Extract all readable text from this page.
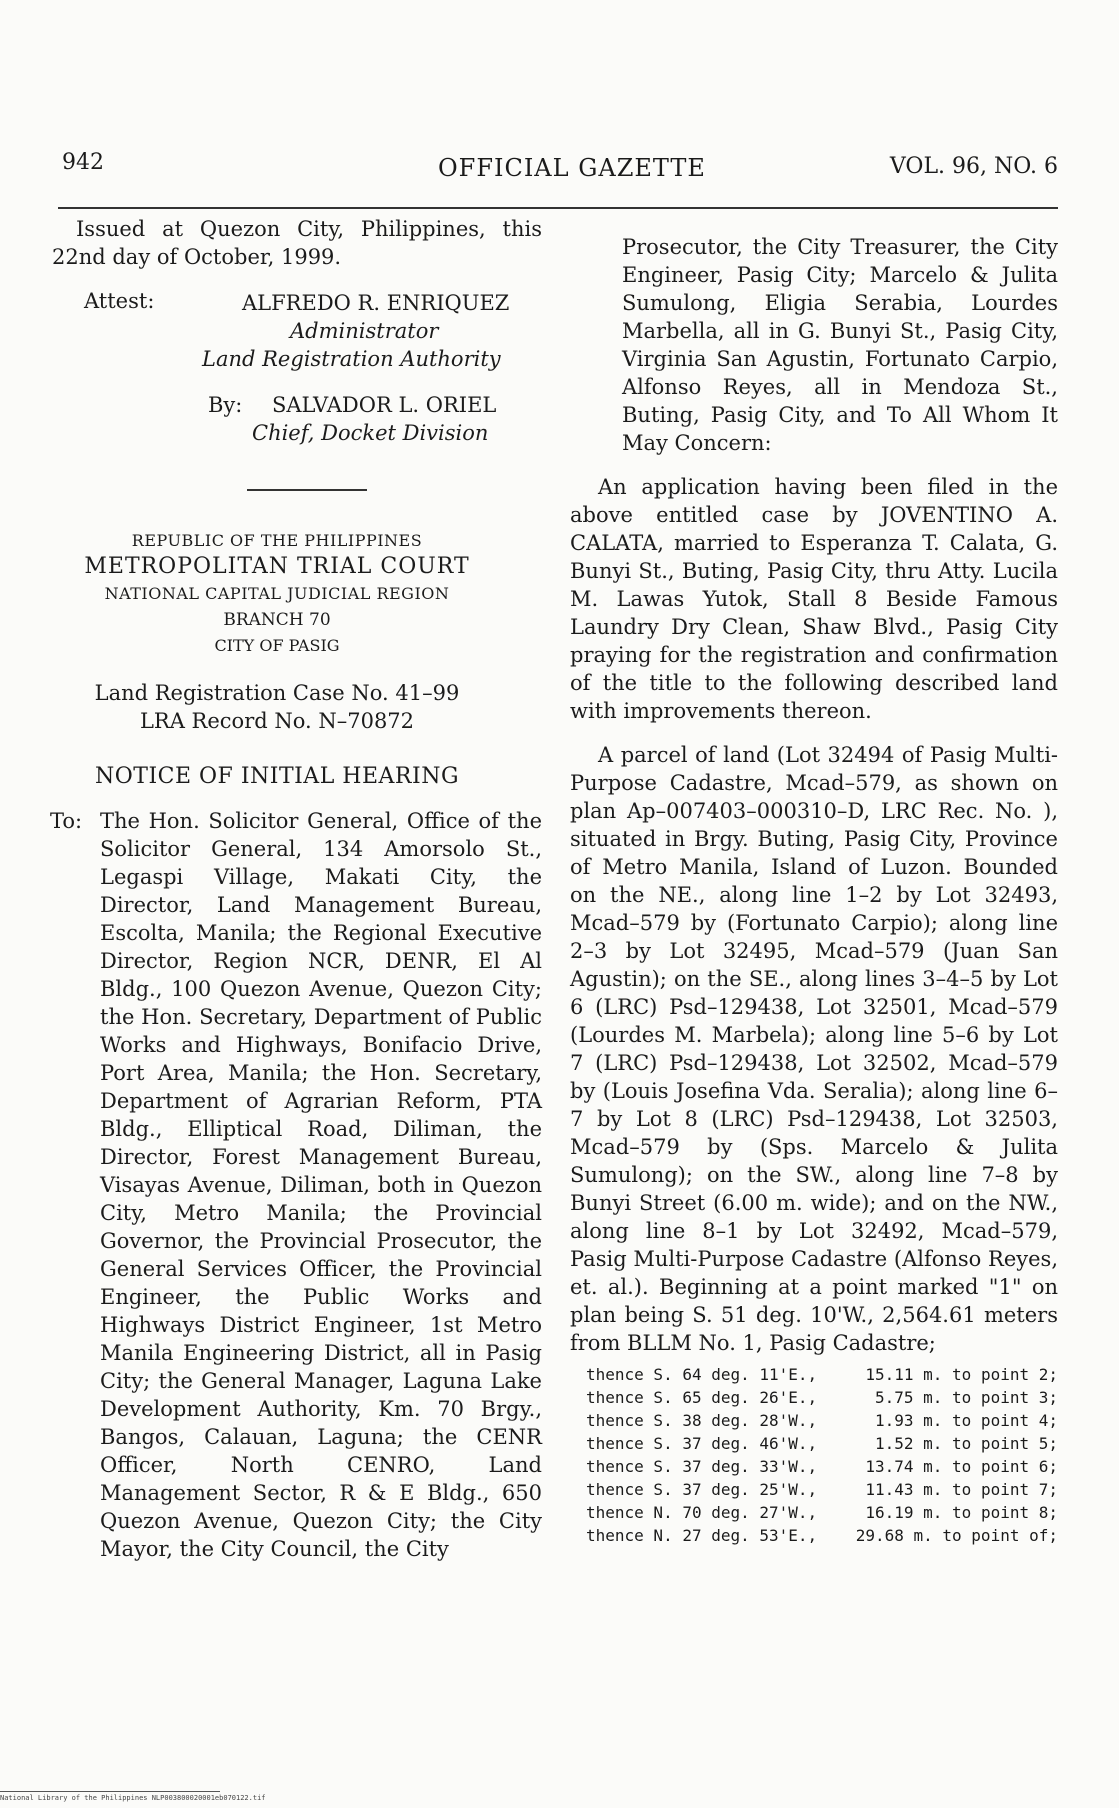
942	OFFICIAL GAZETTE	VOL. 96, NO. 6

Issued at Quezon City, Philippines, this 22nd day of October, 1999.

Attest:	ALFREDO R. ENRIQUEZ
Administrator
Land Registration Authority
By: SALVADOR L. ORIEL
Chief, Docket Division
REPUBLIC OF THE PHILIPPINES
METROPOLITAN TRIAL COURT
NATIONAL CAPITAL JUDICIAL REGION
BRANCH 70
CITY OF PASIG
Land Registration Case No. 41–99
LRA Record No. N–70872
NOTICE OF INITIAL HEARING
To: The Hon. Solicitor General, Office of the Solicitor General, 134 Amorsolo St., Legaspi Village, Makati City, the Director, Land Management Bureau, Escolta, Manila; the Regional Executive Director, Region NCR, DENR, El Al Bldg., 100 Quezon Avenue, Quezon City; the Hon. Secretary, Department of Public Works and Highways, Bonifacio Drive, Port Area, Manila; the Hon. Secretary, Department of Agrarian Reform, PTA Bldg., Elliptical Road, Diliman, the Director, Forest Management Bureau, Visayas Avenue, Diliman, both in Quezon City, Metro Manila; the Provincial Governor, the Provincial Prosecutor, the General Services Officer, the Provincial Engineer, the Public Works and Highways District Engineer, 1st Metro Manila Engineering District, all in Pasig City; the General Manager, Laguna Lake Development Authority, Km. 70 Brgy., Bangos, Calauan, Laguna; the CENR Officer, North CENRO, Land Management Sector, R & E Bldg., 650 Quezon Avenue, Quezon City; the City Mayor, the City Council, the City

Prosecutor, the City Treasurer, the City Engineer, Pasig City; Marcelo & Julita Sumulong, Eligia Serabia, Lourdes Marbella, all in G. Bunyi St., Pasig City, Virginia San Agustin, Fortunato Carpio, Alfonso Reyes, all in Mendoza St., Buting, Pasig City, and To All Whom It May Concern:

An application having been filed in the above entitled case by JOVENTINO A. CALATA, married to Esperanza T. Calata, G. Bunyi St., Buting, Pasig City, thru Atty. Lucila M. Lawas Yutok, Stall 8 Beside Famous Laundry Dry Clean, Shaw Blvd., Pasig City praying for the registration and confirmation of the title to the following described land with improvements thereon.

A parcel of land (Lot 32494 of Pasig Multi-Purpose Cadastre, Mcad–579, as shown on plan Ap–007403–000310–D, LRC Rec. No. ), situated in Brgy. Buting, Pasig City, Province of Metro Manila, Island of Luzon. Bounded on the NE., along line 1–2 by Lot 32493, Mcad–579 by (Fortunato Carpio); along line 2–3 by Lot 32495, Mcad–579 (Juan San Agustin); on the SE., along lines 3–4–5 by Lot 6 (LRC) Psd–129438, Lot 32501, Mcad–579 (Lourdes M. Marbela); along line 5–6 by Lot 7 (LRC) Psd–129438, Lot 32502, Mcad–579 by (Louis Josefina Vda. Seralia); along line 6–7 by Lot 8 (LRC) Psd–129438, Lot 32503, Mcad–579 by (Sps. Marcelo & Julita Sumulong); on the SW., along line 7–8 by Bunyi Street (6.00 m. wide); and on the NW., along line 8–1 by Lot 32492, Mcad–579, Pasig Multi-Purpose Cadastre (Alfonso Reyes, et. al.). Beginning at a point marked "1" on plan being S. 51 deg. 10'W., 2,564.61 meters from BLLM No. 1, Pasig Cadastre;

thence S. 64 deg. 11'E.,	15.11 m. to point 2;
thence S. 65 deg. 26'E.,	5.75 m. to point 3;
thence S. 38 deg. 28'W.,	1.93 m. to point 4;
thence S. 37 deg. 46'W.,	1.52 m. to point 5;
thence S. 37 deg. 33'W.,	13.74 m. to point 6;
thence S. 37 deg. 25'W.,	11.43 m. to point 7;
thence N. 70 deg. 27'W.,	16.19 m. to point 8;
thence N. 27 deg. 53'E., 29.68 m. to point of;
National Library of the Philippines NLP003800020001eb070122.tif
